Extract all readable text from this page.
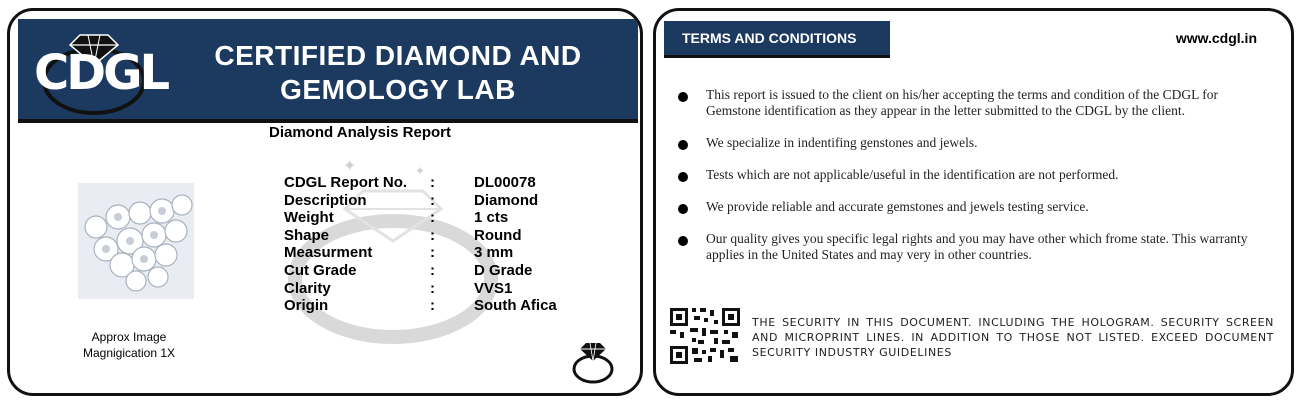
CDGL	CERTIFIED DIAMOND AND
GEMOLOGY LAB
Diamond Analysis Report
✦	✦
Approx Image
Magnigication 1X
CDGL Report No. :	DL00078
Description	:	Diamond
Weight	:	1 cts
Shape	:	Round
Measurment	:	3 mm
Cut Grade	:	D Grade
Clarity	:	VVS1
Origin	:	South Afica
TERMS AND CONDITIONS	www.cdgl.in
This report is issued to the client on his/her accepting the terms and condition of the CDGL for Gemstone identification as they appear in the letter submitted to the CDGL by the client.
We specialize in indentifing genstones and jewels.
Tests which are not applicable/useful in the identification are not performed.
We provide reliable and accurate gemstones and jewels testing service.
Our quality gives you specific legal rights and you may have other which frome state. This warranty applies in the United States and may very in other countries.
THE SECURITY IN THIS DOCUMENT. INCLUDING THE HOLOGRAM. SECURITY SCREEN AND MICROPRINT LINES. IN ADDITION TO THOSE NOT LISTED. EXCEED DOCUMENT SECURITY INDUSTRY GUIDELINES
